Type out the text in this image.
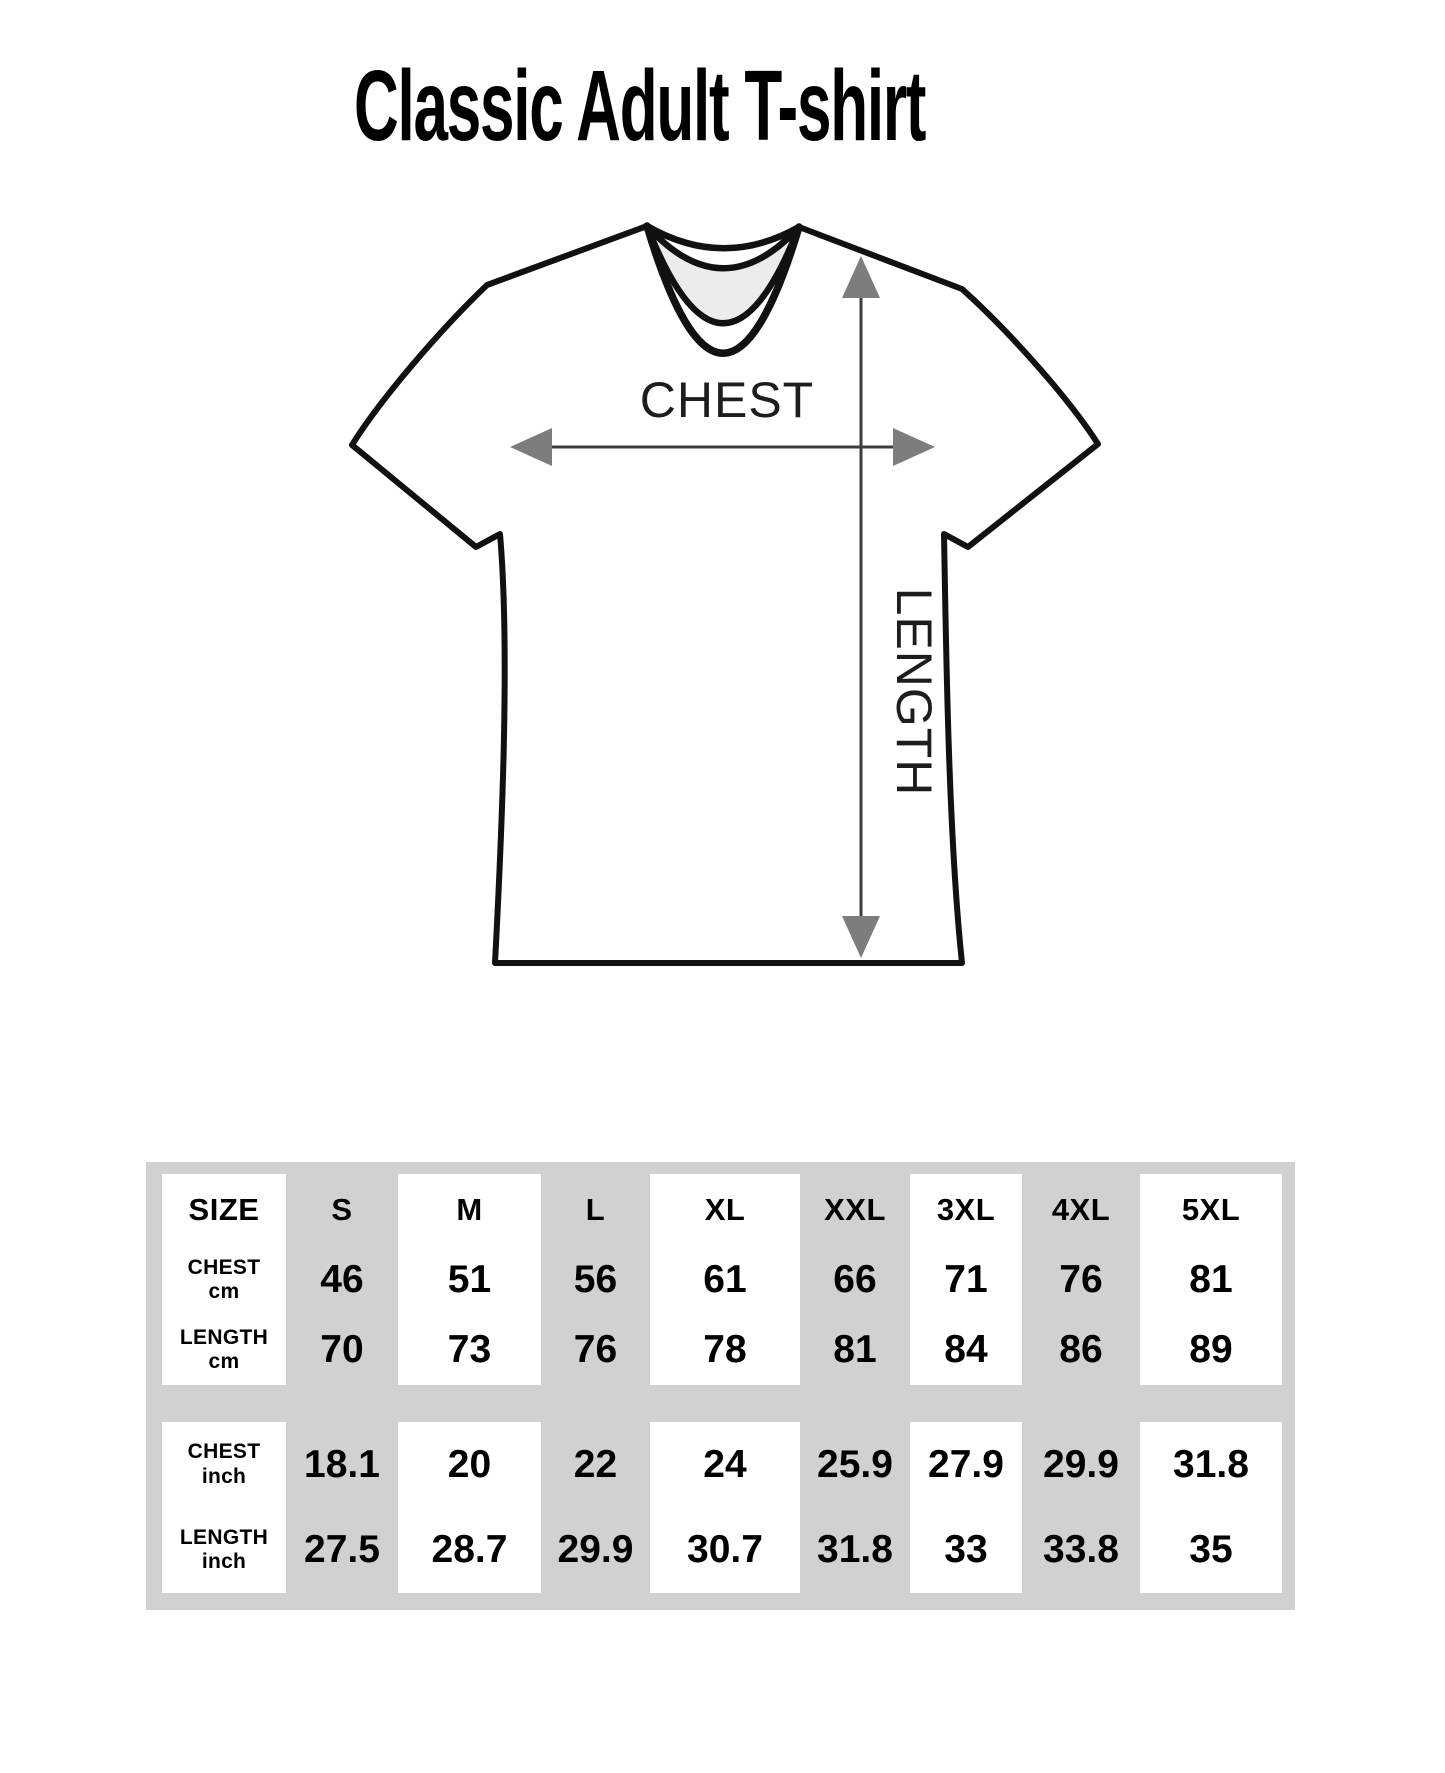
Classic Adult T-shirt
CHEST
LENGTH
SIZE
CHEST
cm
LENGTH
cm
S
46
70
M
51
73
L
56
76
XL
61
78
XXL
66
81
3XL
71
84
4XL
76
86
5XL
81
89
CHEST
inch
LENGTH
inch
18.1
27.5
20
28.7
22
29.9
24
30.7
25.9
31.8
27.9
33
29.9
33.8
31.8
35
